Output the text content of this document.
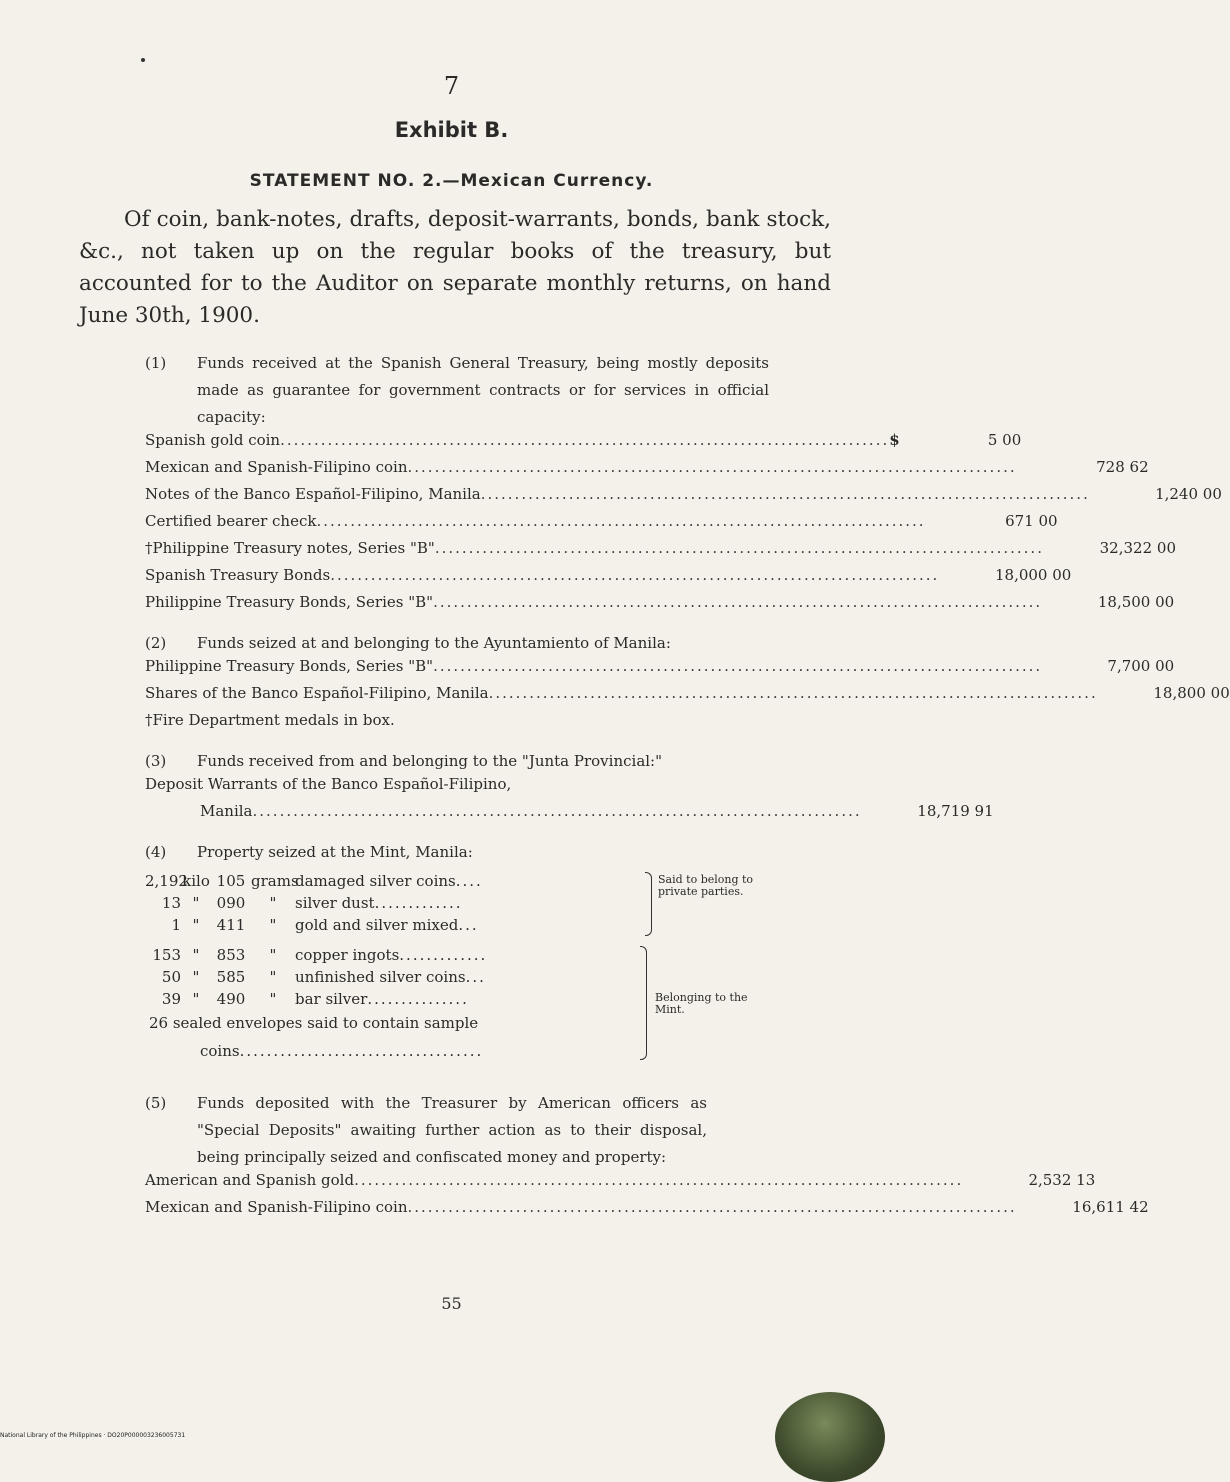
7
Exhibit B.
STATEMENT NO. 2.—Mexican Currency.
Of coin, bank-notes, drafts, deposit-warrants, bonds, bank stock, &c., not taken up on the regular books of the treasury, but accounted for to the Auditor on separate monthly returns, on hand June 30th, 1900.
(1) Funds received at the Spanish General Treasury, being mostly deposits made as guarantee for government contracts or for services in official capacity:
Spanish gold coin .......................................................................................... $	5 00
Mexican and Spanish-Filipino coin ..........................................................................................	728 62
Notes of the Banco Español-Filipino, Manila ..........................................................................................	1,240 00
Certified bearer check ..........................................................................................	671 00
†Philippine Treasury notes, Series "B" ..........................................................................................	32,322 00
Spanish Treasury Bonds ..........................................................................................	18,000 00
Philippine Treasury Bonds, Series "B" ..........................................................................................	18,500 00
(2) Funds seized at and belonging to the Ayuntamiento of Manila:
Philippine Treasury Bonds, Series "B" ..........................................................................................	7,700 00
Shares of the Banco Español-Filipino, Manila ..........................................................................................	18,800 00
†Fire Department medals in box.
(3) Funds received from and belonging to the "Junta Provincial:"
Deposit Warrants of the Banco Español-Filipino,
Manila ..........................................................................................	18,719 91
(4) Property seized at the Mint, Manila:
2,192kilo 105 gramsdamaged silver coins....
13 " 090 " silver dust.............
1 " 411 " gold and silver mixed...
Said to belong to private parties.
153 " 853 " copper ingots.............
50 " 585 " unfinished silver coins...
39 " 490 " bar silver...............
26 sealed envelopes said to contain sample
coins....................................
Belonging to the Mint.
(5) Funds deposited with the Treasurer by American officers as "Special Deposits" awaiting further action as to their disposal, being principally seized and confiscated money and property:
American and Spanish gold ..........................................................................................	2,532 13
Mexican and Spanish-Filipino coin ..........................................................................................	16,611 42
55
National Library of the Philippines · DO20P000003236005731
